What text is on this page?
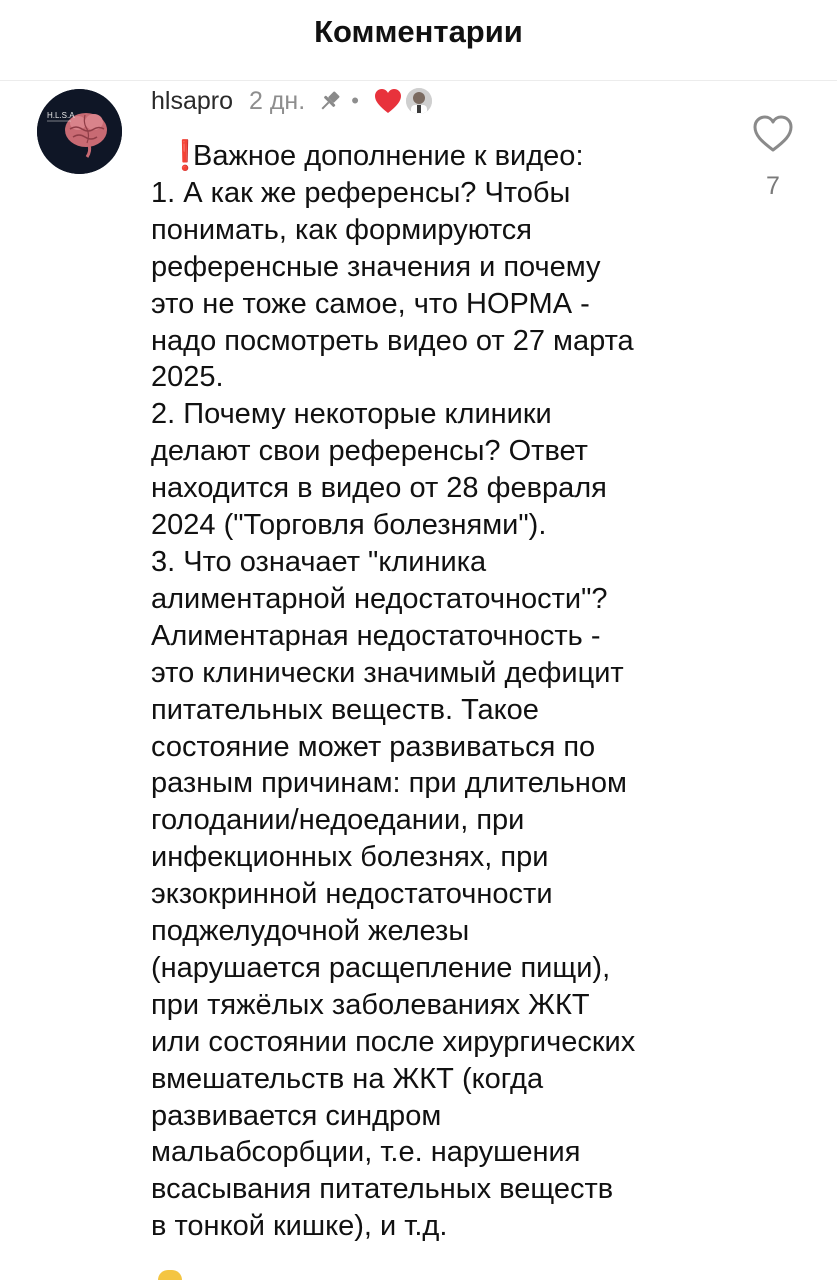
Комментарии
H.L.S.A
hlsapro 2 дн. •
❗Важное дополнение к видео:
1. А как же референсы? Чтобы
понимать, как формируются
референсные значения и почему
это не тоже самое, что НОРМА -
надо посмотреть видео от 27 марта
2025.
2. Почему некоторые клиники
делают свои референсы? Ответ
находится в видео от 28 февраля
2024 ("Торговля болезнями").
3. Что означает "клиника
алиментарной недостаточности"?
Алиментарная недостаточность -
это клинически значимый дефицит
питательных веществ. Такое
состояние может развиваться по
разным причинам: при длительном
голодании/недоедании, при
инфекционных болезнях, при
экзокринной недостаточности
поджелудочной железы
(нарушается расщепление пищи),
при тяжёлых заболеваниях ЖКТ
или состоянии после хирургических
вмешательств на ЖКТ (когда
развивается синдром
мальабсорбции, т.е. нарушения
всасывания питательных веществ
в тонкой кишке), и т.д.
7
